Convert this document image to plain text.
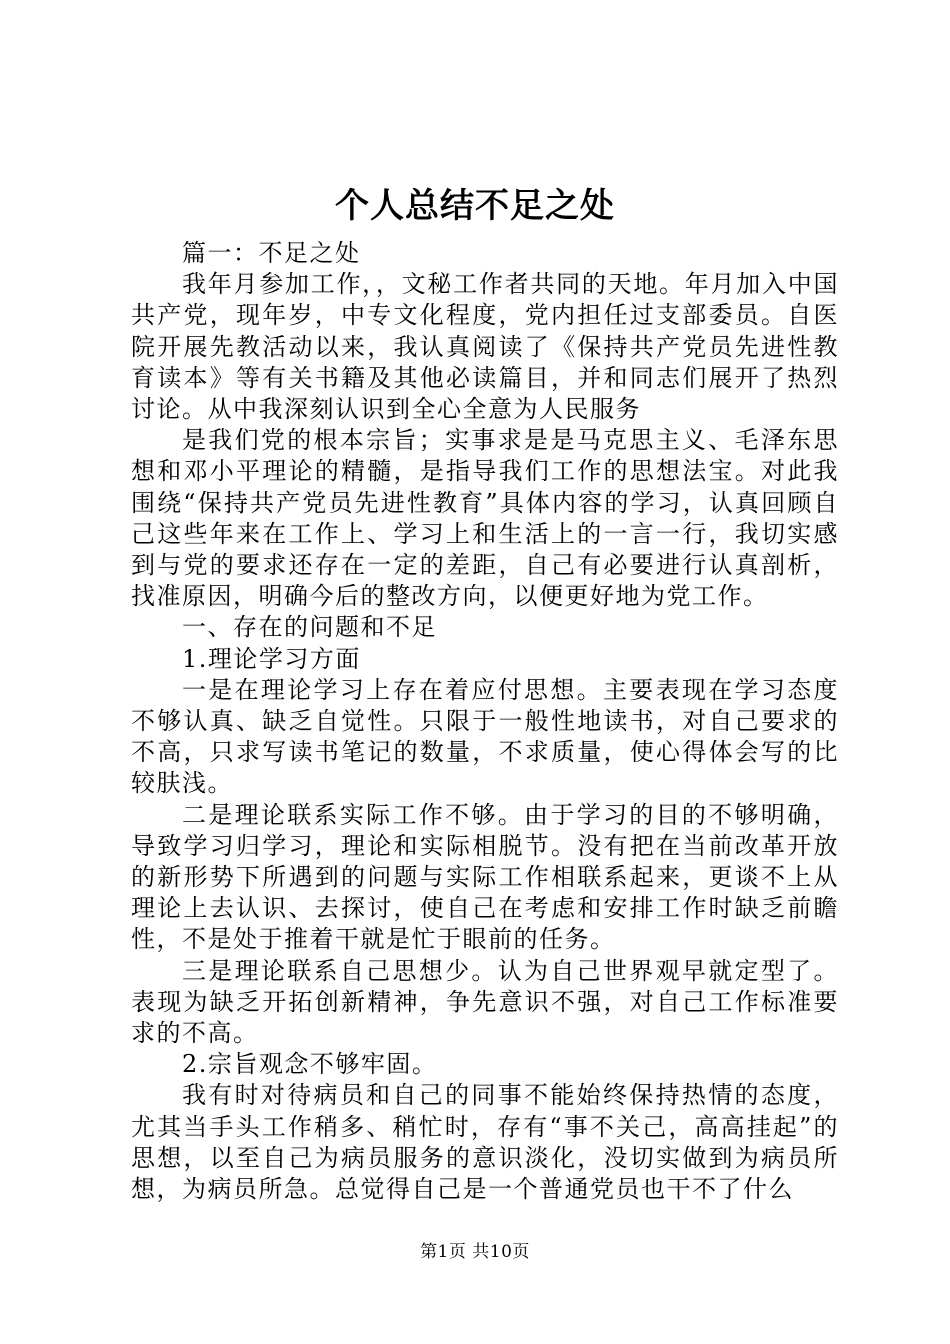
个人总结不足之处

篇一：不足之处

我年月参加工作，，文秘工作者共同的天地。年月加入中国共产党，现年岁，中专文化程度，党内担任过支部委员。自医院开展先教活动以来，我认真阅读了《保持共产党员先进性教育读本》等有关书籍及其他必读篇目，并和同志们展开了热烈讨论。从中我深刻认识到全心全意为人民服务

是我们党的根本宗旨；实事求是是马克思主义、毛泽东思想和邓小平理论的精髓，是指导我们工作的思想法宝。对此我围绕“保持共产党员先进性教育”具体内容的学习，认真回顾自己这些年来在工作上、学习上和生活上的一言一行，我切实感到与党的要求还存在一定的差距，自己有必要进行认真剖析，找准原因，明确今后的整改方向，以便更好地为党工作。

一、存在的问题和不足

1.理论学习方面

一是在理论学习上存在着应付思想。主要表现在学习态度不够认真、缺乏自觉性。只限于一般性地读书，对自己要求的不高，只求写读书笔记的数量，不求质量，使心得体会写的比较肤浅。

二是理论联系实际工作不够。由于学习的目的不够明确，导致学习归学习，理论和实际相脱节。没有把在当前改革开放的新形势下所遇到的问题与实际工作相联系起来，更谈不上从理论上去认识、去探讨，使自己在考虑和安排工作时缺乏前瞻性，不是处于推着干就是忙于眼前的任务。

三是理论联系自己思想少。认为自己世界观早就定型了。表现为缺乏开拓创新精神，争先意识不强，对自己工作标准要求的不高。

2.宗旨观念不够牢固。

我有时对待病员和自己的同事不能始终保持热情的态度，尤其当手头工作稍多、稍忙时，存有“事不关己，高高挂起”的思想，以至自己为病员服务的意识淡化，没切实做到为病员所想，为病员所急。总觉得自己是一个普通党员也干不了什么

第1页 共10页
